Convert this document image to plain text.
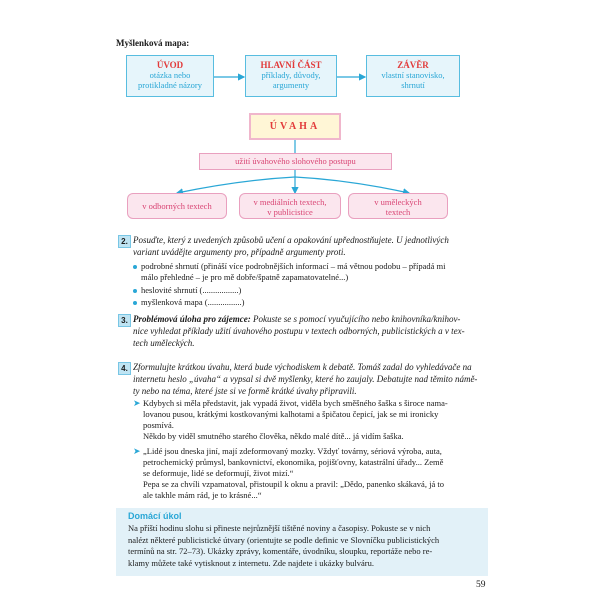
Myšlenková mapa:
ÚVOD
otázka nebo
protikladné názory
HLAVNÍ ČÁST
příklady, důvody,
argumenty
ZÁVĚR
vlastní stanovisko,
shrnutí
ÚVAHA
užití úvahového slohového postupu
v odborných textech	v mediálních textech,
v publicistice
v uměleckých
textech
2. Posuďte, který z uvedených způsobů učení a opakování upřednostňujete. U jednotlivých
variant uvádějte argumenty pro, případně argumenty proti.
podrobné shrnutí (přináší více podrobnějších informací – má větnou podobu – případá mi
málo přehledné – je pro mě dobře/špatně zapamatovatelné...)
heslovité shrnutí (.................)
myšlenková mapa (................)
3. Problémová úloha pro zájemce: Pokuste se s pomocí vyučujícího nebo knihovníka/knihov-
nice vyhledat příklady užití úvahového postupu v textech odborných, publicistických a v tex-
tech uměleckých.
4. Zformulujte krátkou úvahu, která bude východiskem k debatě. Tomáš zadal do vyhledávače na
internetu heslo „úvaha“ a vypsal si dvě myšlenky, které ho zaujaly. Debatujte nad těmito námě-
ty nebo na téma, které jste si ve formě krátké úvahy připravili.
➤ Kdybych si měla představit, jak vypadá život, viděla bych směšného šaška s široce nama-
lovanou pusou, krátkými kostkovanými kalhotami a špičatou čepicí, jak se mi ironicky
posmívá.
Někdo by viděl smutného starého člověka, někdo malé dítě... já vidím šaška.
➤ „Lidé jsou dneska jiní, mají zdeformovaný mozky. Vždyť továrny, sériová výroba, auta,
petrochemický průmysl, bankovnictví, ekonomika, pojišťovny, katastrální úřady... Země
se deformuje, lidé se deformují, život mizí.“
Pepa se za chvíli vzpamatoval, přistoupil k oknu a pravil: „Dědo, panenko skákavá, já to
ale takhle mám rád, je to krásné...“
Domácí úkol
Na příští hodinu slohu si přineste nejrůznější tištěné noviny a časopisy. Pokuste se v nich
nalézt některé publicistické útvary (orientujte se podle definic ve Slovníčku publicistických
termínů na str. 72–73). Ukázky zprávy, komentáře, úvodníku, sloupku, reportáže nebo re-
klamy můžete také vytisknout z internetu. Zde najdete i ukázky bulváru.
59
